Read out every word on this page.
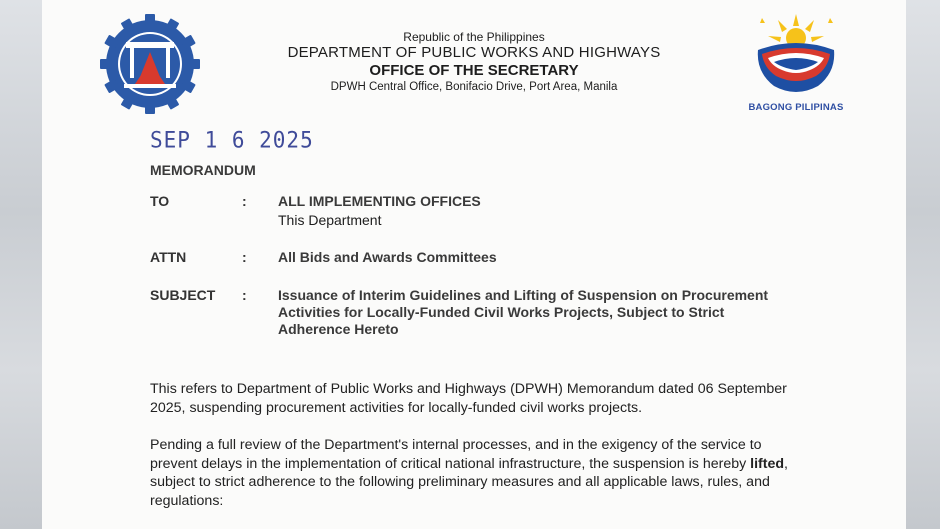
Republic of the Philippines
DEPARTMENT OF PUBLIC WORKS AND HIGHWAYS
OFFICE OF THE SECRETARY
DPWH Central Office, Bonifacio Drive, Port Area, Manila
BAGONG PILIPINAS
SEP 1 6 2025
MEMORANDUM
TO	: ALL IMPLEMENTING OFFICES
This Department
ATTN	: All Bids and Awards Committees
SUBJECT	: Issuance of Interim Guidelines and Lifting of Suspension on Procurement Activities for Locally-Funded Civil Works Projects, Subject to Strict Adherence Hereto
This refers to Department of Public Works and Highways (DPWH) Memorandum dated 06 September 2025, suspending procurement activities for locally-funded civil works projects.
Pending a full review of the Department's internal processes, and in the exigency of the service to prevent delays in the implementation of critical national infrastructure, the suspension is hereby lifted, subject to strict adherence to the following preliminary measures and all applicable laws, rules, and regulations:
